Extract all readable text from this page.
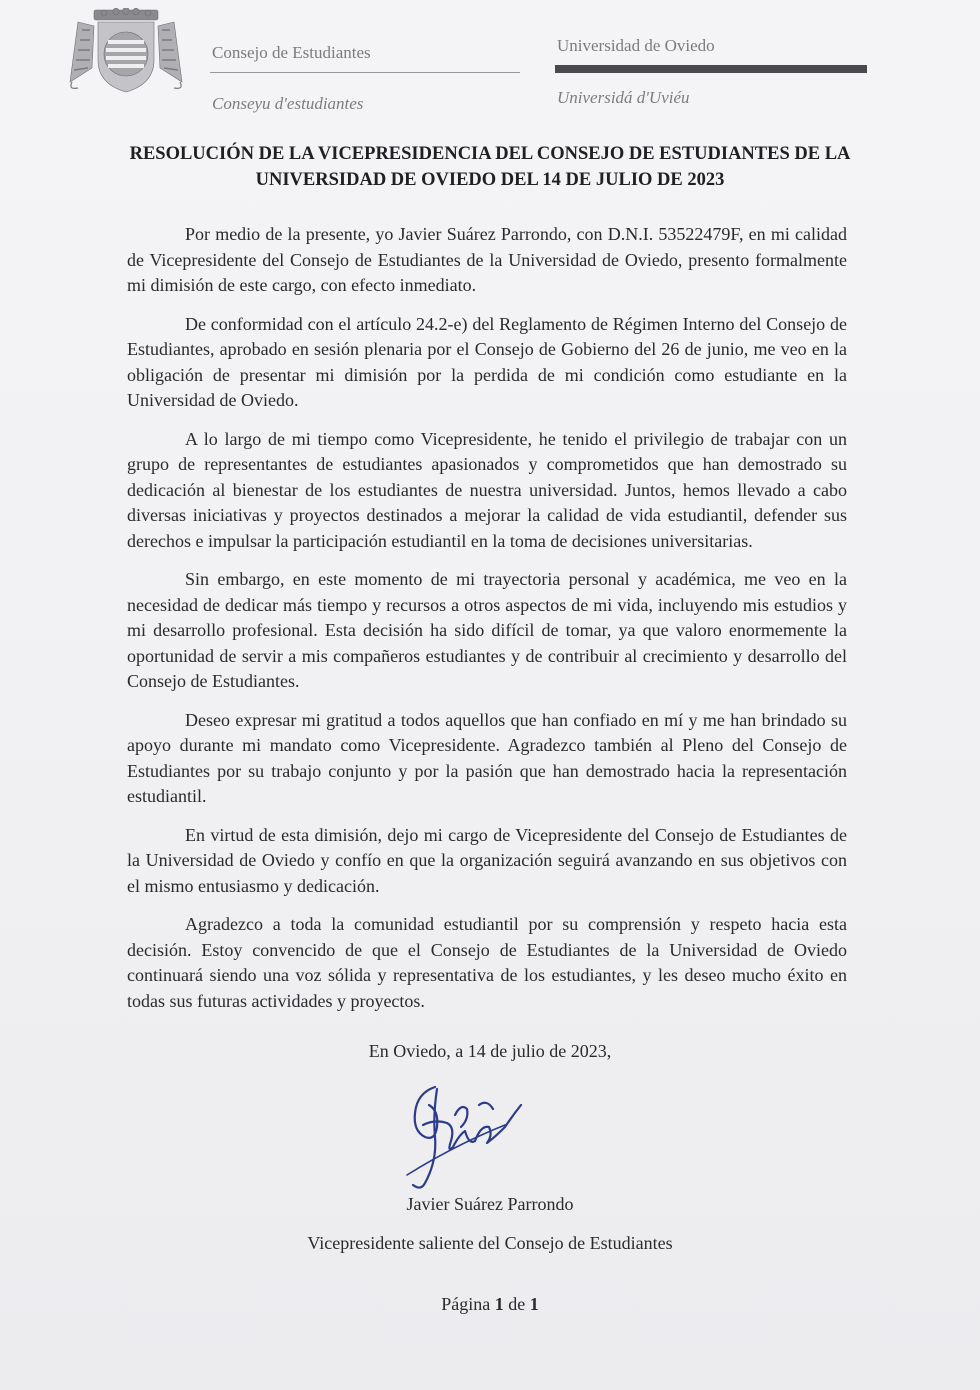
Consejo de Estudiantes
Conseyu d'estudiantes
Universidad de Oviedo
Universidá d'Uviéu
RESOLUCIÓN DE LA VICEPRESIDENCIA DEL CONSEJO DE ESTUDIANTES DE LA UNIVERSIDAD DE OVIEDO DEL 14 DE JULIO DE 2023

Por medio de la presente, yo Javier Suárez Parrondo, con D.N.I. 53522479F, en mi calidad de Vicepresidente del Consejo de Estudiantes de la Universidad de Oviedo, presento formalmente mi dimisión de este cargo, con efecto inmediato.

De conformidad con el artículo 24.2-e) del Reglamento de Régimen Interno del Consejo de Estudiantes, aprobado en sesión plenaria por el Consejo de Gobierno del 26 de junio, me veo en la obligación de presentar mi dimisión por la perdida de mi condición como estudiante en la Universidad de Oviedo.

A lo largo de mi tiempo como Vicepresidente, he tenido el privilegio de trabajar con un grupo de representantes de estudiantes apasionados y comprometidos que han demostrado su dedicación al bienestar de los estudiantes de nuestra universidad. Juntos, hemos llevado a cabo diversas iniciativas y proyectos destinados a mejorar la calidad de vida estudiantil, defender sus derechos e impulsar la participación estudiantil en la toma de decisiones universitarias.

Sin embargo, en este momento de mi trayectoria personal y académica, me veo en la necesidad de dedicar más tiempo y recursos a otros aspectos de mi vida, incluyendo mis estudios y mi desarrollo profesional. Esta decisión ha sido difícil de tomar, ya que valoro enormemente la oportunidad de servir a mis compañeros estudiantes y de contribuir al crecimiento y desarrollo del Consejo de Estudiantes.

Deseo expresar mi gratitud a todos aquellos que han confiado en mí y me han brindado su apoyo durante mi mandato como Vicepresidente. Agradezco también al Pleno del Consejo de Estudiantes por su trabajo conjunto y por la pasión que han demostrado hacia la representación estudiantil.

En virtud de esta dimisión, dejo mi cargo de Vicepresidente del Consejo de Estudiantes de la Universidad de Oviedo y confío en que la organización seguirá avanzando en sus objetivos con el mismo entusiasmo y dedicación.

Agradezco a toda la comunidad estudiantil por su comprensión y respeto hacia esta decisión. Estoy convencido de que el Consejo de Estudiantes de la Universidad de Oviedo continuará siendo una voz sólida y representativa de los estudiantes, y les deseo mucho éxito en todas sus futuras actividades y proyectos.

En Oviedo, a 14 de julio de 2023,
Javier Suárez Parrondo
Vicepresidente saliente del Consejo de Estudiantes
Página 1 de 1
